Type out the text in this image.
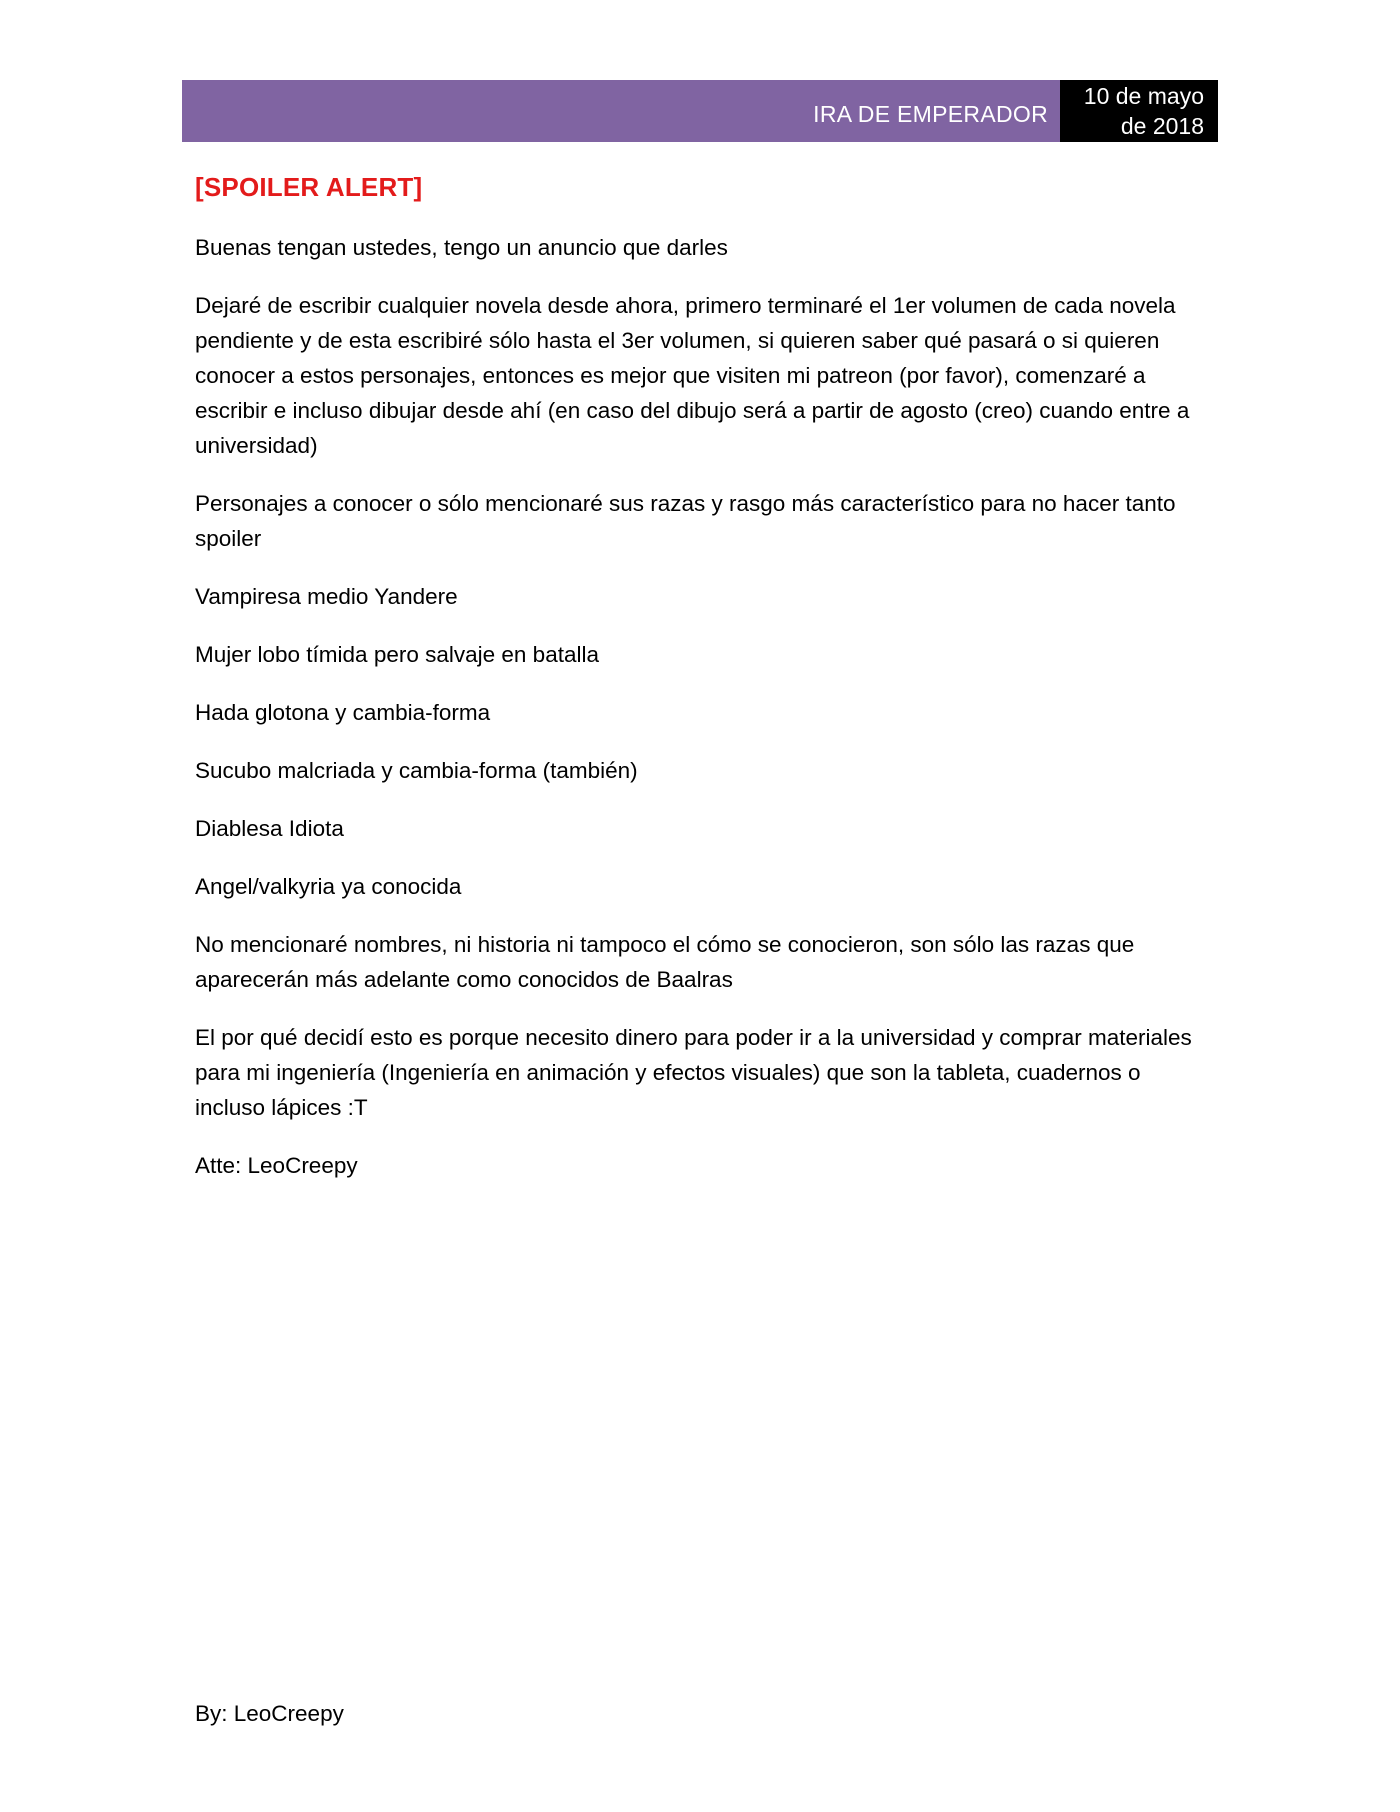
IRA DE EMPERADOR
10 de mayo
de 2018
[SPOILER ALERT]

Buenas tengan ustedes, tengo un anuncio que darles

Dejaré de escribir cualquier novela desde ahora, primero terminaré el 1er volumen de cada novela pendiente y de esta escribiré sólo hasta el 3er volumen, si quieren saber qué pasará o si quieren conocer a estos personajes, entonces es mejor que visiten mi patreon (por favor), comenzaré a escribir e incluso dibujar desde ahí (en caso del dibujo será a partir de agosto (creo) cuando entre a universidad)

Personajes a conocer o sólo mencionaré sus razas y rasgo más característico para no hacer tanto spoiler

Vampiresa medio Yandere

Mujer lobo tímida pero salvaje en batalla

Hada glotona y cambia-forma

Sucubo malcriada y cambia-forma (también)

Diablesa Idiota

Angel/valkyria ya conocida

No mencionaré nombres, ni historia ni tampoco el cómo se conocieron, son sólo las razas que aparecerán más adelante como conocidos de Baalras

El por qué decidí esto es porque necesito dinero para poder ir a la universidad y comprar materiales para mi ingeniería (Ingeniería en animación y efectos visuales) que son la tableta, cuadernos o incluso lápices :T

Atte: LeoCreepy

By: LeoCreepy
